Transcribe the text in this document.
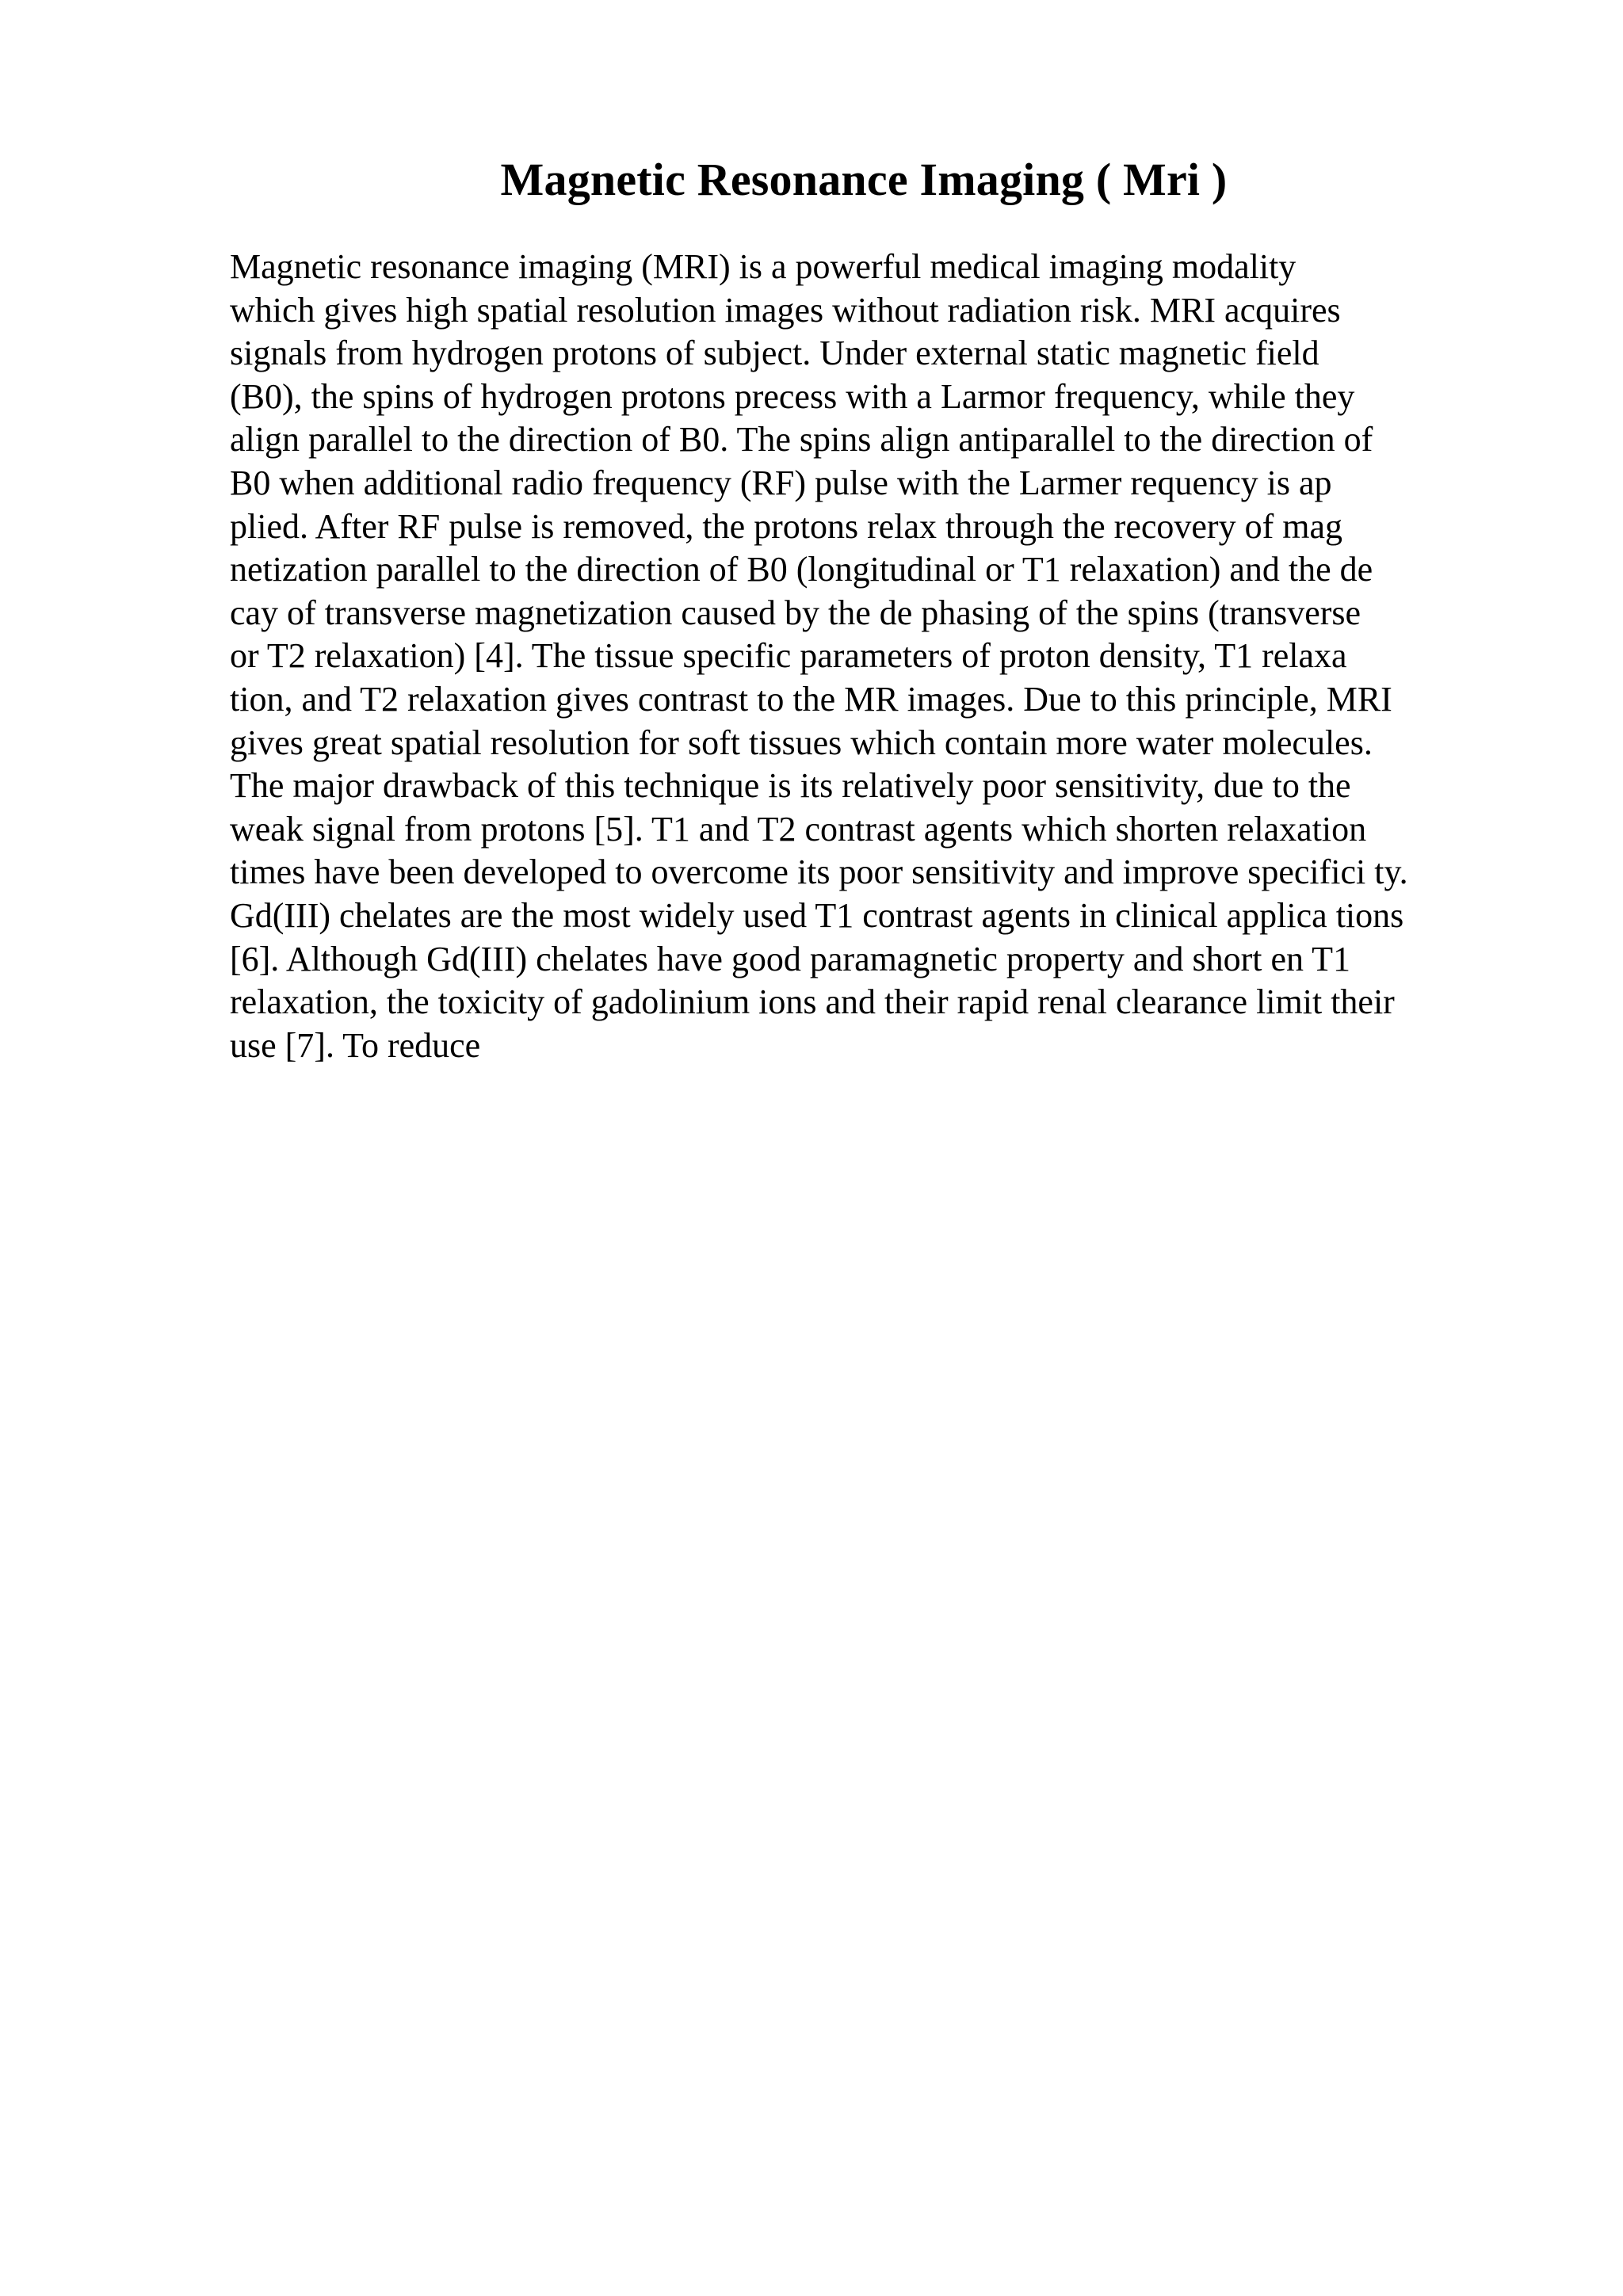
Magnetic Resonance Imaging ( Mri )
Magnetic resonance imaging (MRI) is a powerful medical imaging modality
which gives high spatial resolution images without radiation risk. MRI acquires
signals from hydrogen protons of subject. Under external static magnetic field
(B0), the spins of hydrogen protons precess with a Larmor frequency, while they
align parallel to the direction of B0. The spins align antiparallel to the direction of
B0 when additional radio frequency (RF) pulse with the Larmer requency is ap
plied. After RF pulse is removed, the protons relax through the recovery of mag
netization parallel to the direction of B0 (longitudinal or T1 relaxation) and the de
cay of transverse magnetization caused by the de phasing of the spins (transverse
or T2 relaxation) [4]. The tissue specific parameters of proton density, T1 relaxa
tion, and T2 relaxation gives contrast to the MR images. Due to this principle, MRI
gives great spatial resolution for soft tissues which contain more water molecules.
The major drawback of this technique is its relatively poor sensitivity, due to the
weak signal from protons [5]. T1 and T2 contrast agents which shorten relaxation
times have been developed to overcome its poor sensitivity and improve specifici ty.
Gd(III) chelates are the most widely used T1 contrast agents in clinical applica tions
[6]. Although Gd(III) chelates have good paramagnetic property and short en T1
relaxation, the toxicity of gadolinium ions and their rapid renal clearance limit their
use [7]. To reduce
